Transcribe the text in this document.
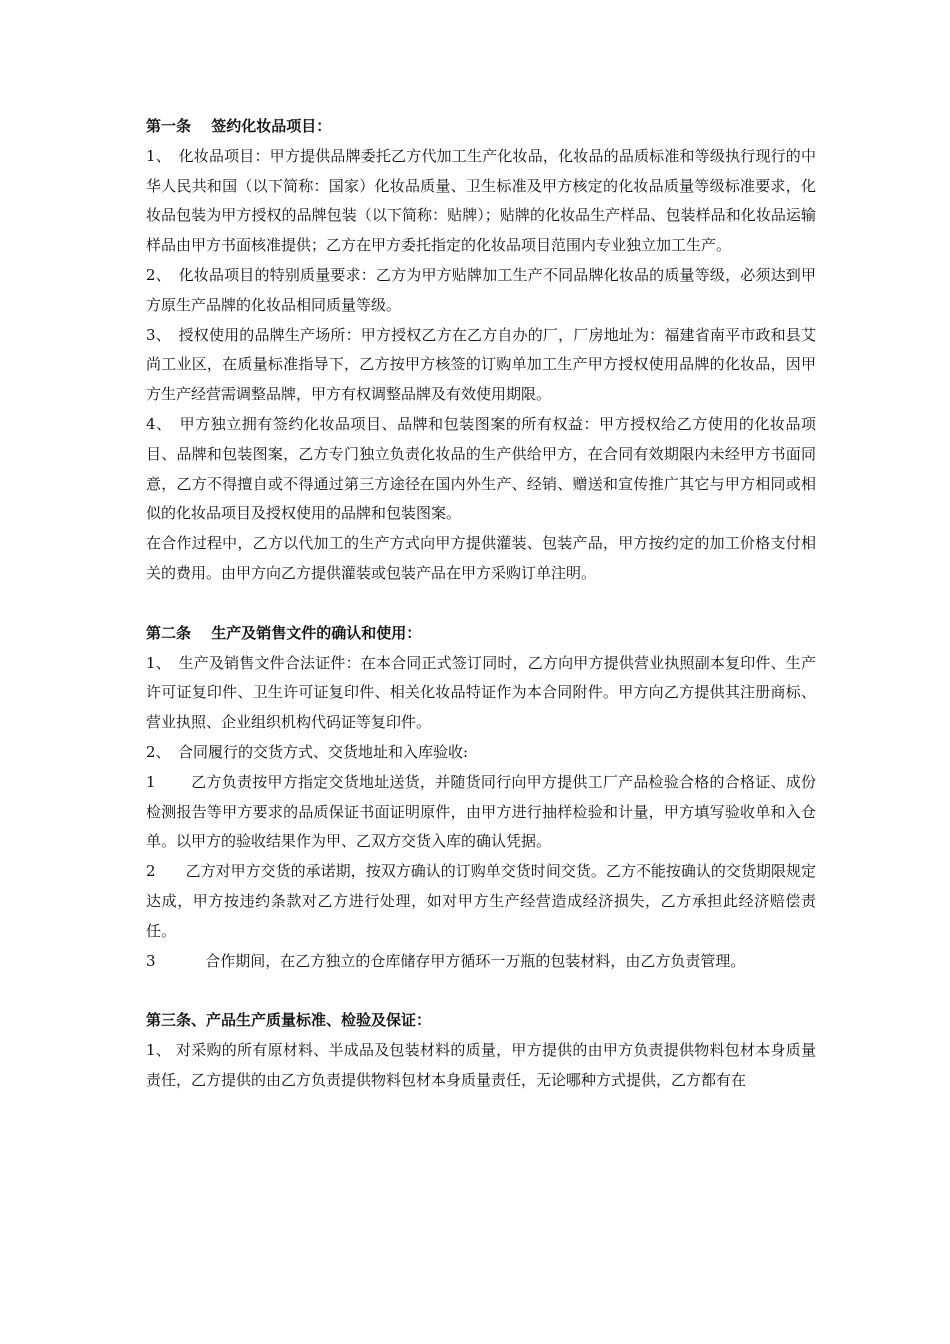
第一条　 签约化妆品项目：

1、　化妆品项目：甲方提供品牌委托乙方代加工生产化妆品，化妆品的品质标准和等级执行现行的中华人民共和国（以下简称：国家）化妆品质量、卫生标准及甲方核定的化妆品质量等级标准要求，化妆品包装为甲方授权的品牌包装（以下简称：贴牌）；贴牌的化妆品生产样品、包装样品和化妆品运输样品由甲方书面核准提供；乙方在甲方委托指定的化妆品项目范围内专业独立加工生产。

2、　化妆品项目的特别质量要求：乙方为甲方贴牌加工生产不同品牌化妆品的质量等级，必须达到甲方原生产品牌的化妆品相同质量等级。

3、　授权使用的品牌生产场所：甲方授权乙方在乙方自办的厂，厂房地址为：福建省南平市政和县艾尚工业区，在质量标准指导下，乙方按甲方核签的订购单加工生产甲方授权使用品牌的化妆品，因甲方生产经营需调整品牌，甲方有权调整品牌及有效使用期限。

4、　甲方独立拥有签约化妆品项目、品牌和包装图案的所有权益：甲方授权给乙方使用的化妆品项目、品牌和包装图案，乙方专门独立负责化妆品的生产供给甲方，在合同有效期限内未经甲方书面同意，乙方不得擅自或不得通过第三方途径在国内外生产、经销、赠送和宣传推广其它与甲方相同或相似的化妆品项目及授权使用的品牌和包装图案。

在合作过程中，乙方以代加工的生产方式向甲方提供灌装、包装产品，甲方按约定的加工价格支付相关的费用。由甲方向乙方提供灌装或包装产品在甲方采购订单注明。

第二条　 生产及销售文件的确认和使用：

1、　生产及销售文件合法证件：在本合同正式签订同时，乙方向甲方提供营业执照副本复印件、生产许可证复印件、卫生许可证复印件、相关化妆品特证作为本合同附件。甲方向乙方提供其注册商标、营业执照、企业组织机构代码证等复印件。

2、　合同履行的交货方式、交货地址和入库验收:

1　　 乙方负责按甲方指定交货地址送货，并随货同行向甲方提供工厂产品检验合格的合格证、成份检测报告等甲方要求的品质保证书面证明原件，由甲方进行抽样检验和计量，甲方填写验收单和入仓单。以甲方的验收结果作为甲、乙双方交货入库的确认凭据。

2　　乙方对甲方交货的承诺期，按双方确认的订购单交货时间交货。乙方不能按确认的交货期限规定达成，甲方按违约条款对乙方进行处理，如对甲方生产经营造成经济损失，乙方承担此经济赔偿责任。

3　　　 合作期间，在乙方独立的仓库储存甲方循环一万瓶的包装材料，由乙方负责管理。

第三条、产品生产质量标准、检验及保证：

1、 对采购的所有原材料、半成品及包装材料的质量，甲方提供的由甲方负责提供物料包材本身质量责任，乙方提供的由乙方负责提供物料包材本身质量责任，无论哪种方式提供，乙方都有在
